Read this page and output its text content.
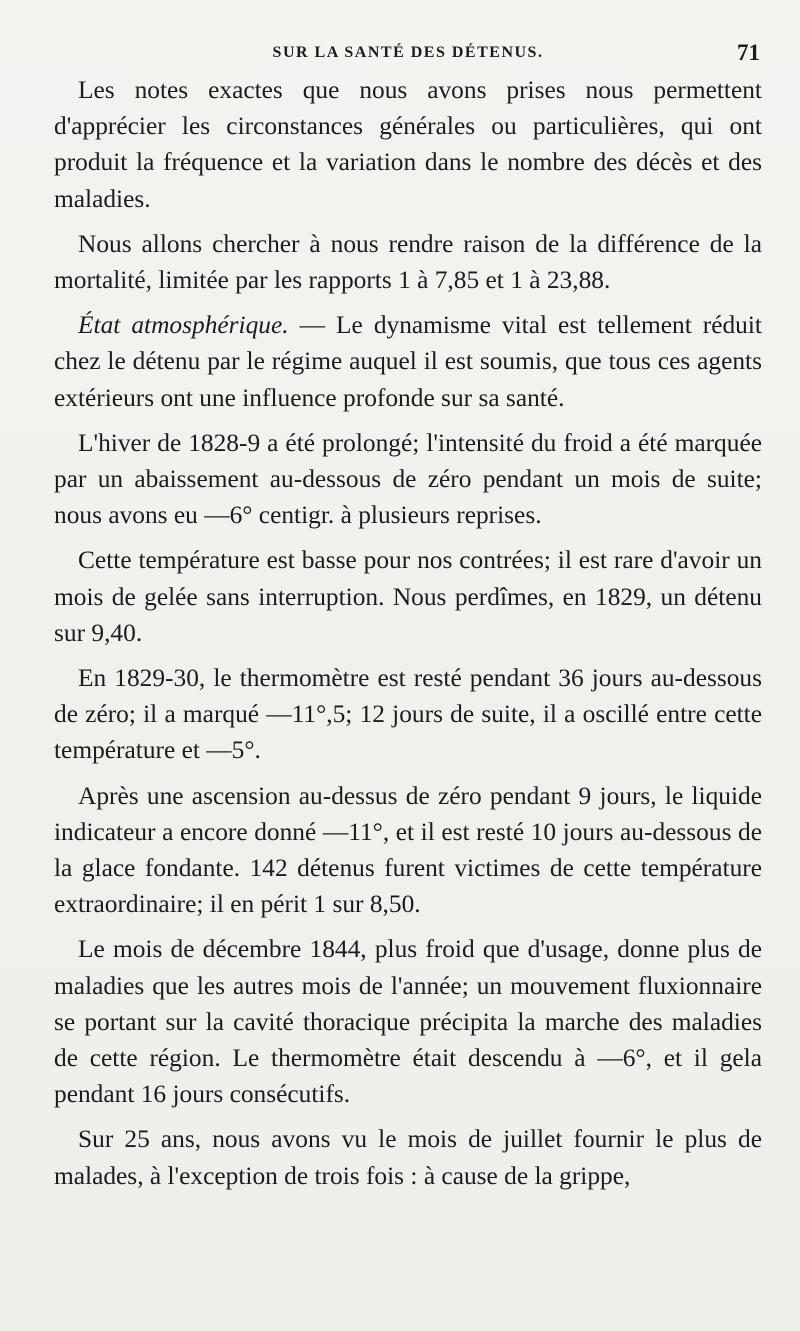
SUR LA SANTÉ DES DÉTENUS.	71

Les notes exactes que nous avons prises nous permettent d'apprécier les circonstances générales ou particulières, qui ont produit la fréquence et la variation dans le nombre des décès et des maladies.

Nous allons chercher à nous rendre raison de la différence de la mortalité, limitée par les rapports 1 à 7,85 et 1 à 23,88.

État atmosphérique. — Le dynamisme vital est tellement réduit chez le détenu par le régime auquel il est soumis, que tous ces agents extérieurs ont une influence profonde sur sa santé.

L'hiver de 1828-9 a été prolongé; l'intensité du froid a été marquée par un abaissement au-dessous de zéro pendant un mois de suite; nous avons eu —6° centigr. à plusieurs reprises.

Cette température est basse pour nos contrées; il est rare d'avoir un mois de gelée sans interruption. Nous perdîmes, en 1829, un détenu sur 9,40.

En 1829-30, le thermomètre est resté pendant 36 jours au-dessous de zéro; il a marqué —11°,5; 12 jours de suite, il a oscillé entre cette température et —5°.

Après une ascension au-dessus de zéro pendant 9 jours, le liquide indicateur a encore donné —11°, et il est resté 10 jours au-dessous de la glace fondante. 142 détenus furent victimes de cette température extraordinaire; il en périt 1 sur 8,50.

Le mois de décembre 1844, plus froid que d'usage, donne plus de maladies que les autres mois de l'année; un mouvement fluxionnaire se portant sur la cavité thoracique précipita la marche des maladies de cette région. Le thermomètre était descendu à —6°, et il gela pendant 16 jours consécutifs.

Sur 25 ans, nous avons vu le mois de juillet fournir le plus de malades, à l'exception de trois fois : à cause de la grippe,
